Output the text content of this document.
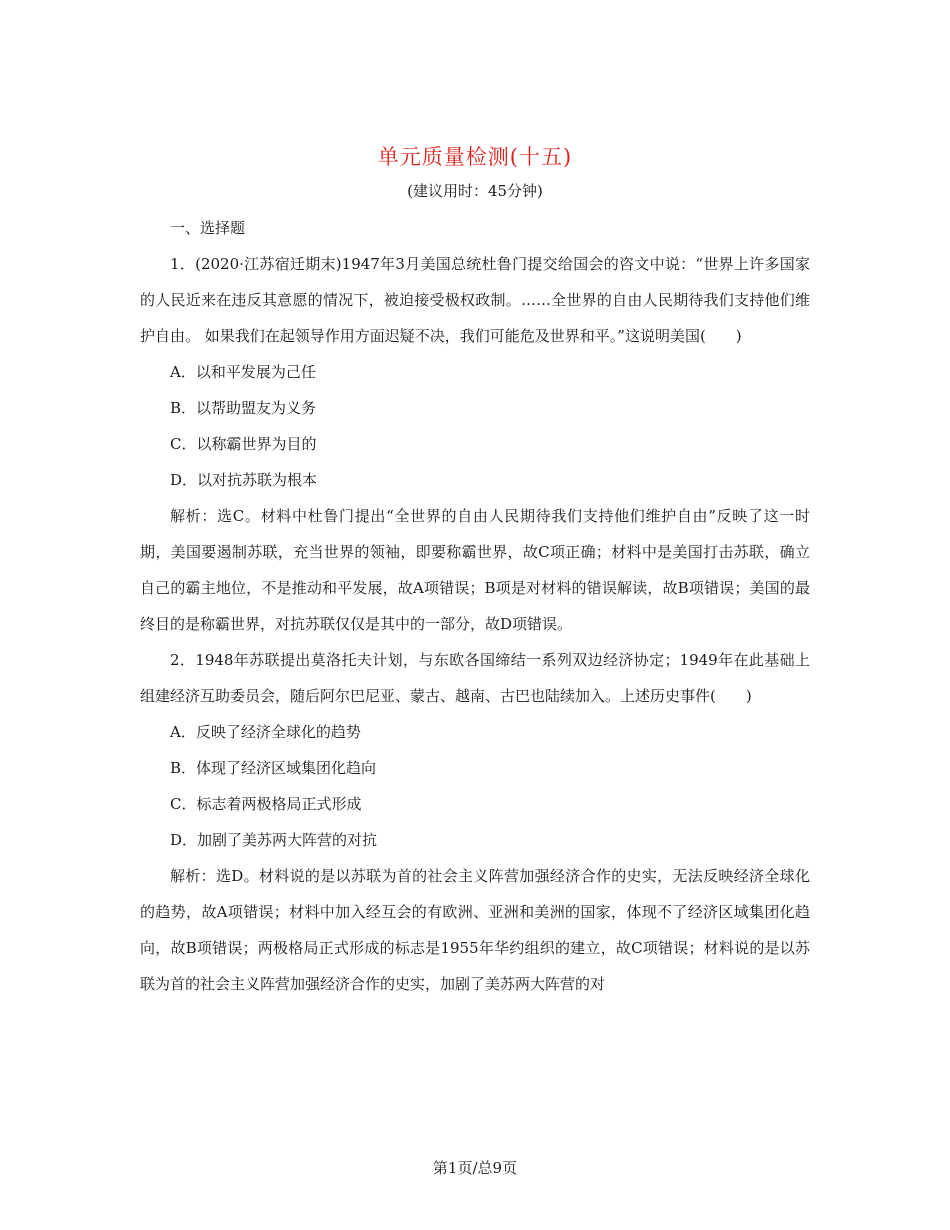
单元质量检测(十五)
(建议用时：45分钟)

一、选择题

1．(2020·江苏宿迁期末)1947年3月美国总统杜鲁门提交给国会的咨文中说：“世界上许多国家的人民近来在违反其意愿的情况下，被迫接受极权政制。……全世界的自由人民期待我们支持他们维护自由。 如果我们在起领导作用方面迟疑不决，我们可能危及世界和平。”这说明美国(　　)

A．以和平发展为己任

B．以帮助盟友为义务

C．以称霸世界为目的

D．以对抗苏联为根本

解析：选C。材料中杜鲁门提出“全世界的自由人民期待我们支持他们维护自由”反映了这一时期，美国要遏制苏联，充当世界的领袖，即要称霸世界，故C项正确；材料中是美国打击苏联，确立自己的霸主地位，不是推动和平发展，故A项错误；B项是对材料的错误解读，故B项错误；美国的最终目的是称霸世界，对抗苏联仅仅是其中的一部分，故D项错误。

2．1948年苏联提出莫洛托夫计划，与东欧各国缔结一系列双边经济协定；1949年在此基础上组建经济互助委员会，随后阿尔巴尼亚、蒙古、越南、古巴也陆续加入。上述历史事件(　　)

A．反映了经济全球化的趋势

B．体现了经济区域集团化趋向

C．标志着两极格局正式形成

D．加剧了美苏两大阵营的对抗

解析：选D。材料说的是以苏联为首的社会主义阵营加强经济合作的史实，无法反映经济全球化的趋势，故A项错误；材料中加入经互会的有欧洲、亚洲和美洲的国家，体现不了经济区域集团化趋向，故B项错误；两极格局正式形成的标志是1955年华约组织的建立，故C项错误；材料说的是以苏联为首的社会主义阵营加强经济合作的史实，加剧了美苏两大阵营的对

第1页/总9页
